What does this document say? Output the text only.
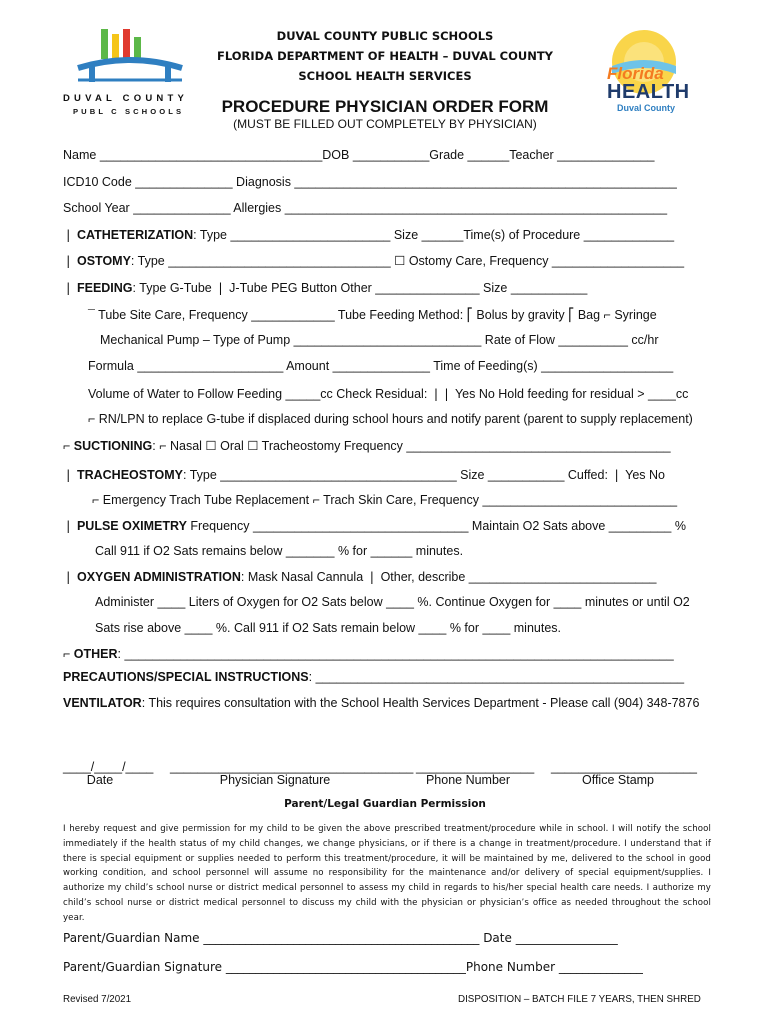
DUVAL COUNTY
PUBL C SCHOOLS
Florida
HEALTH
Duval County
DUVAL COUNTY PUBLIC SCHOOLS
FLORIDA DEPARTMENT OF HEALTH – DUVAL COUNTY
SCHOOL HEALTH SERVICES
PROCEDURE PHYSICIAN ORDER FORM
(MUST BE FILLED OUT COMPLETELY BY PHYSICIAN)
Name ________________________________DOB ___________Grade ______Teacher ______________
ICD10 Code ______________ Diagnosis _______________________________________________________
School Year ______________ Allergies _______________________________________________________
❘ CATHETERIZATION: Type _______________________ Size ______Time(s) of Procedure _____________
❘ OSTOMY: Type ________________________________ ☐ Ostomy Care, Frequency ___________________
❘ FEEDING: Type G-Tube ❘ J-Tube PEG Button Other _______________ Size ___________
¯ Tube Site Care, Frequency ____________ Tube Feeding Method: ⎡ Bolus by gravity ⎡ Bag ⌐ Syringe
Mechanical Pump – Type of Pump ___________________________ Rate of Flow __________ cc/hr
Formula _____________________ Amount ______________ Time of Feeding(s) ___________________
Volume of Water to Follow Feeding _____cc Check Residual: ❘❘ Yes No Hold feeding for residual > ____cc
⌐ RN/LPN to replace G-tube if displaced during school hours and notify parent (parent to supply replacement)
⌐ SUCTIONING: ⌐ Nasal ☐ Oral ☐ Tracheostomy Frequency ______________________________________
❘ TRACHEOSTOMY: Type __________________________________ Size ___________ Cuffed: ❘ Yes No
⌐ Emergency Trach Tube Replacement ⌐ Trach Skin Care, Frequency ____________________________
❘ PULSE OXIMETRY Frequency _______________________________ Maintain O2 Sats above _________ %
Call 911 if O2 Sats remains below _______ % for ______ minutes.
❘ OXYGEN ADMINISTRATION: Mask Nasal Cannula ❘ Other, describe ___________________________
Administer ____ Liters of Oxygen for O2 Sats below ____ %. Continue Oxygen for ____ minutes or until O2
Sats rise above ____ %. Call 911 if O2 Sats remain below ____ % for ____ minutes.
⌐ OTHER: _______________________________________________________________________________
PRECAUTIONS/SPECIAL INSTRUCTIONS: _____________________________________________________
VENTILATOR: This requires consultation with the School Health Services Department - Please call (904) 348-7876
____/____/____ ___________________________________ _________________ _____________________
Date	Physician Signature	Phone Number	Office Stamp
Parent/Legal Guardian Permission
I hereby request and give permission for my child to be given the above prescribed treatment/procedure while in school. I will notify the school immediately if the health status of my child changes, we change physicians, or if there is a change in treatment/procedure. I understand that if there is special equipment or supplies needed to perform this treatment/procedure, it will be maintained by me, delivered to the school in good working condition, and school personnel will assume no responsibility for the maintenance and/or delivery of special equipment/supplies. I authorize my child’s school nurse or district medical personnel to assess my child in regards to his/her special health care needs. I authorize my child’s school nurse or district medical personnel to discuss my child with the physician or physician’s office as needed throughout the school year.
Parent/Guardian Name ______________________________________________ Date _________________
Parent/Guardian Signature ________________________________________Phone Number ______________
Revised 7/2021	DISPOSITION – BATCH FILE 7 YEARS, THEN SHRED
